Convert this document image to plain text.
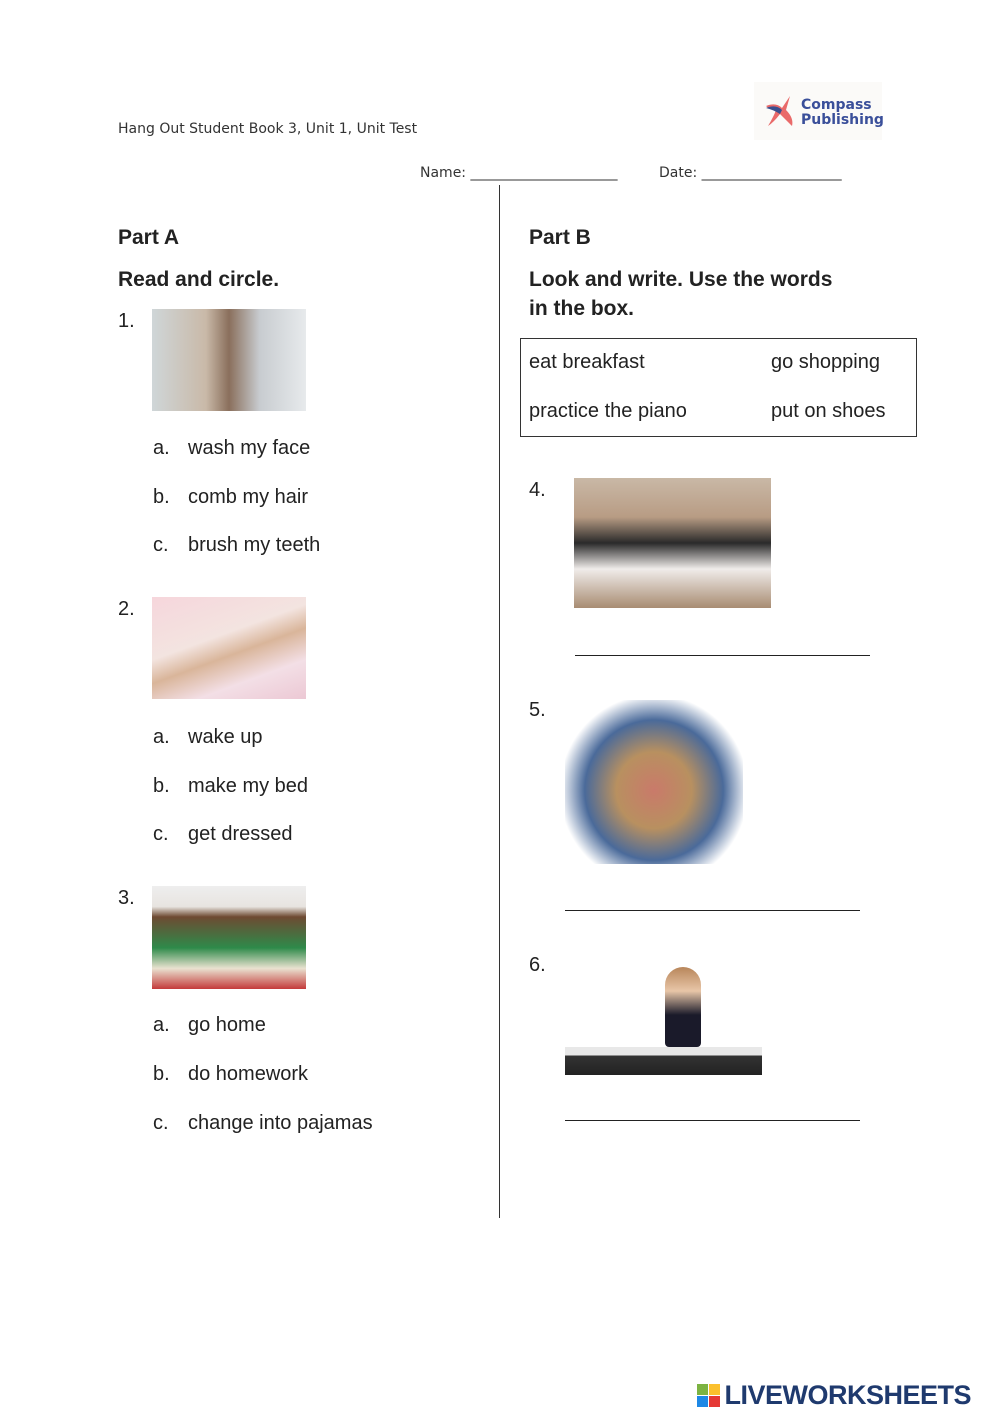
Hang Out Student Book 3, Unit 1, Unit Test
Compass
Publishing
Name: _____________________	Date: ____________________
Part A
Read and circle.
1.
a. wash my face
b. comb my hair
c. brush my teeth
2.
a. wake up
b. make my bed
c. get dressed
3.
a. go home
b. do homework
c. change into pajamas
Part B
Look and write. Use the words
in the box.
eat breakfast	go shopping
practice the piano	put on shoes
4.
5.
6.
LIVEWORKSHEETS
